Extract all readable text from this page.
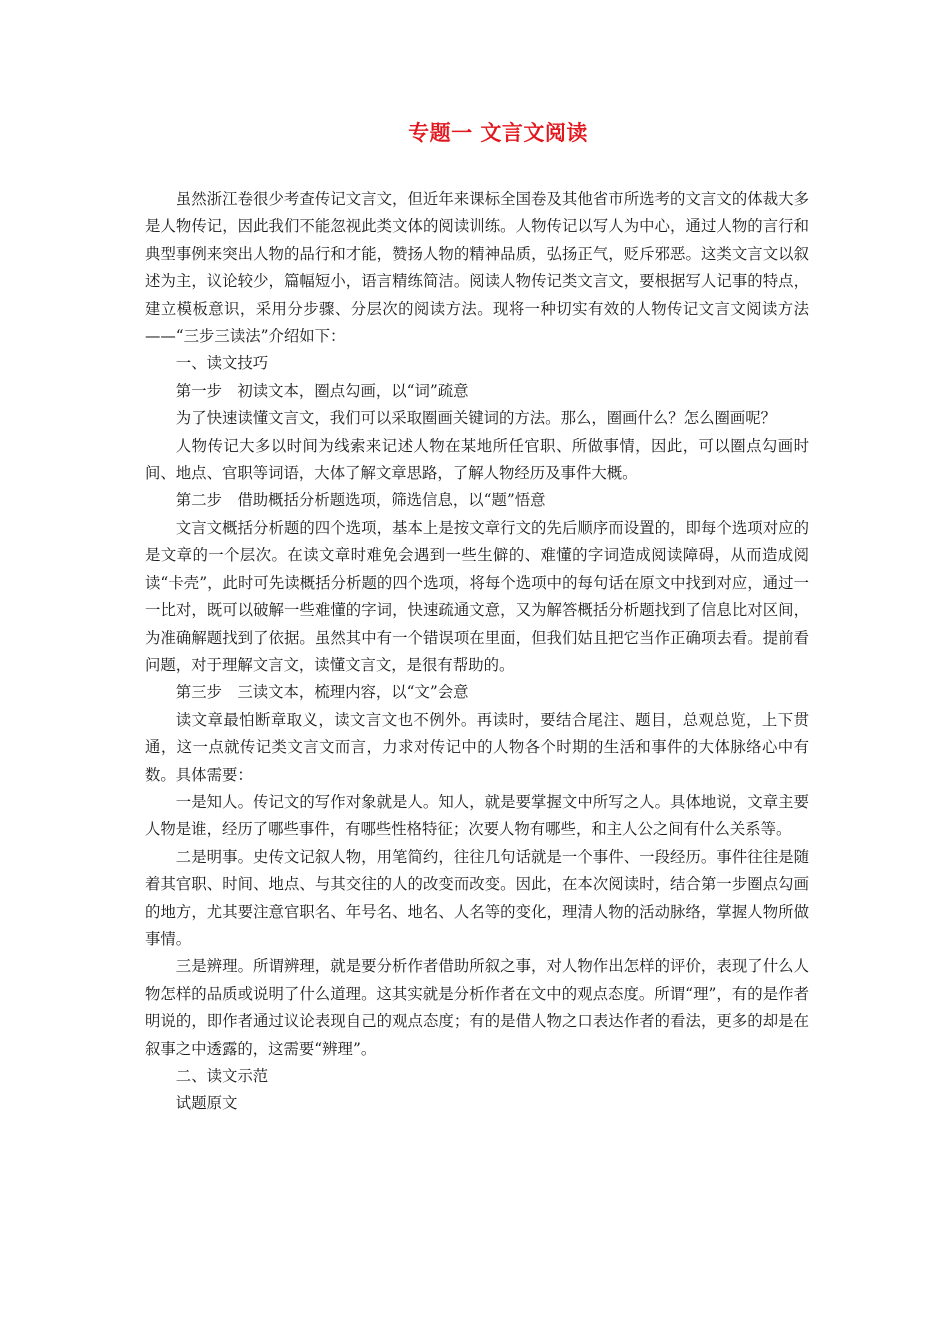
专题一 文言文阅读

虽然浙江卷很少考查传记文言文，但近年来课标全国卷及其他省市所选考的文言文的体裁大多是人物传记，因此我们不能忽视此类文体的阅读训练。人物传记以写人为中心，通过人物的言行和典型事例来突出人物的品行和才能，赞扬人物的精神品质，弘扬正气，贬斥邪恶。这类文言文以叙述为主，议论较少，篇幅短小，语言精练简洁。阅读人物传记类文言文，要根据写人记事的特点，建立模板意识，采用分步骤、分层次的阅读方法。现将一种切实有效的人物传记文言文阅读方法——“三步三读法”介绍如下：

一、读文技巧

第一步　初读文本，圈点勾画，以“词”疏意

为了快速读懂文言文，我们可以采取圈画关键词的方法。那么，圈画什么？怎么圈画呢？

人物传记大多以时间为线索来记述人物在某地所任官职、所做事情，因此，可以圈点勾画时间、地点、官职等词语，大体了解文章思路，了解人物经历及事件大概。

第二步　借助概括分析题选项，筛选信息，以“题”悟意

文言文概括分析题的四个选项，基本上是按文章行文的先后顺序而设置的，即每个选项对应的是文章的一个层次。在读文章时难免会遇到一些生僻的、难懂的字词造成阅读障碍，从而造成阅读“卡壳”，此时可先读概括分析题的四个选项，将每个选项中的每句话在原文中找到对应，通过一一比对，既可以破解一些难懂的字词，快速疏通文意，又为解答概括分析题找到了信息比对区间，为准确解题找到了依据。虽然其中有一个错误项在里面，但我们姑且把它当作正确项去看。提前看问题，对于理解文言文，读懂文言文，是很有帮助的。

第三步　三读文本，梳理内容，以“文”会意

读文章最怕断章取义，读文言文也不例外。再读时，要结合尾注、题目，总观总览，上下贯通，这一点就传记类文言文而言，力求对传记中的人物各个时期的生活和事件的大体脉络心中有数。具体需要：

一是知人。传记文的写作对象就是人。知人，就是要掌握文中所写之人。具体地说，文章主要人物是谁，经历了哪些事件，有哪些性格特征；次要人物有哪些，和主人公之间有什么关系等。

二是明事。史传文记叙人物，用笔简约，往往几句话就是一个事件、一段经历。事件往往是随着其官职、时间、地点、与其交往的人的改变而改变。因此，在本次阅读时，结合第一步圈点勾画的地方，尤其要注意官职名、年号名、地名、人名等的变化，理清人物的活动脉络，掌握人物所做事情。

三是辨理。所谓辨理，就是要分析作者借助所叙之事，对人物作出怎样的评价，表现了什么人物怎样的品质或说明了什么道理。这其实就是分析作者在文中的观点态度。所谓“理”，有的是作者明说的，即作者通过议论表现自己的观点态度；有的是借人物之口表达作者的看法，更多的却是在叙事之中透露的，这需要“辨理”。

二、读文示范

试题原文
